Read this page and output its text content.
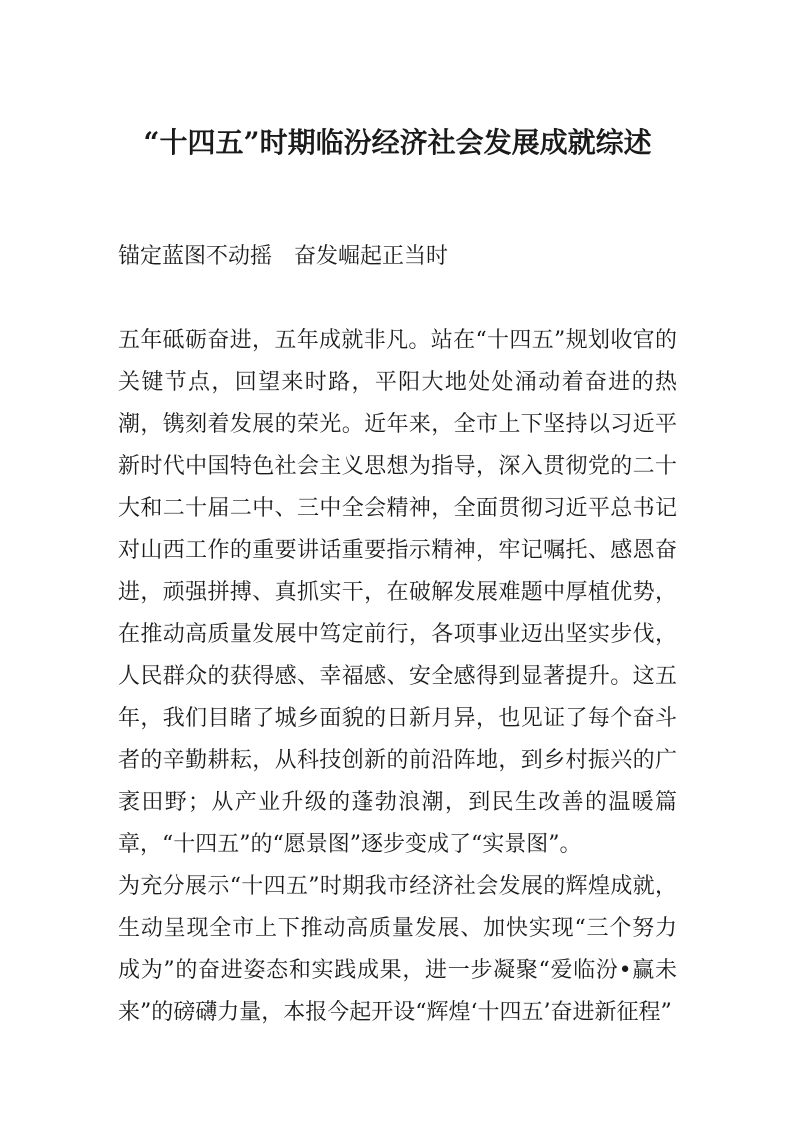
“十四五”时期临汾经济社会发展成就综述

锚定蓝图不动摇　奋发崛起正当时

五年砥砺奋进，五年成就非凡。站在“十四五”规划收官的关键节点，回望来时路，平阳大地处处涌动着奋进的热潮，镌刻着发展的荣光。近年来，全市上下坚持以习近平新时代中国特色社会主义思想为指导，深入贯彻党的二十大和二十届二中、三中全会精神，全面贯彻习近平总书记对山西工作的重要讲话重要指示精神，牢记嘱托、感恩奋进，顽强拼搏、真抓实干，在破解发展难题中厚植优势，在推动高质量发展中笃定前行，各项事业迈出坚实步伐，人民群众的获得感、幸福感、安全感得到显著提升。这五年，我们目睹了城乡面貌的日新月异，也见证了每个奋斗者的辛勤耕耘，从科技创新的前沿阵地，到乡村振兴的广袤田野；从产业升级的蓬勃浪潮，到民生改善的温暖篇章，“十四五”的“愿景图”逐步变成了“实景图”。

为充分展示“十四五”时期我市经济社会发展的辉煌成就，生动呈现全市上下推动高质量发展、加快实现“三个努力成为”的奋进姿态和实践成果，进一步凝聚“爱临汾•赢未来”的磅礴力量，本报今起开设“辉煌‘十四五’奋进新征程”
